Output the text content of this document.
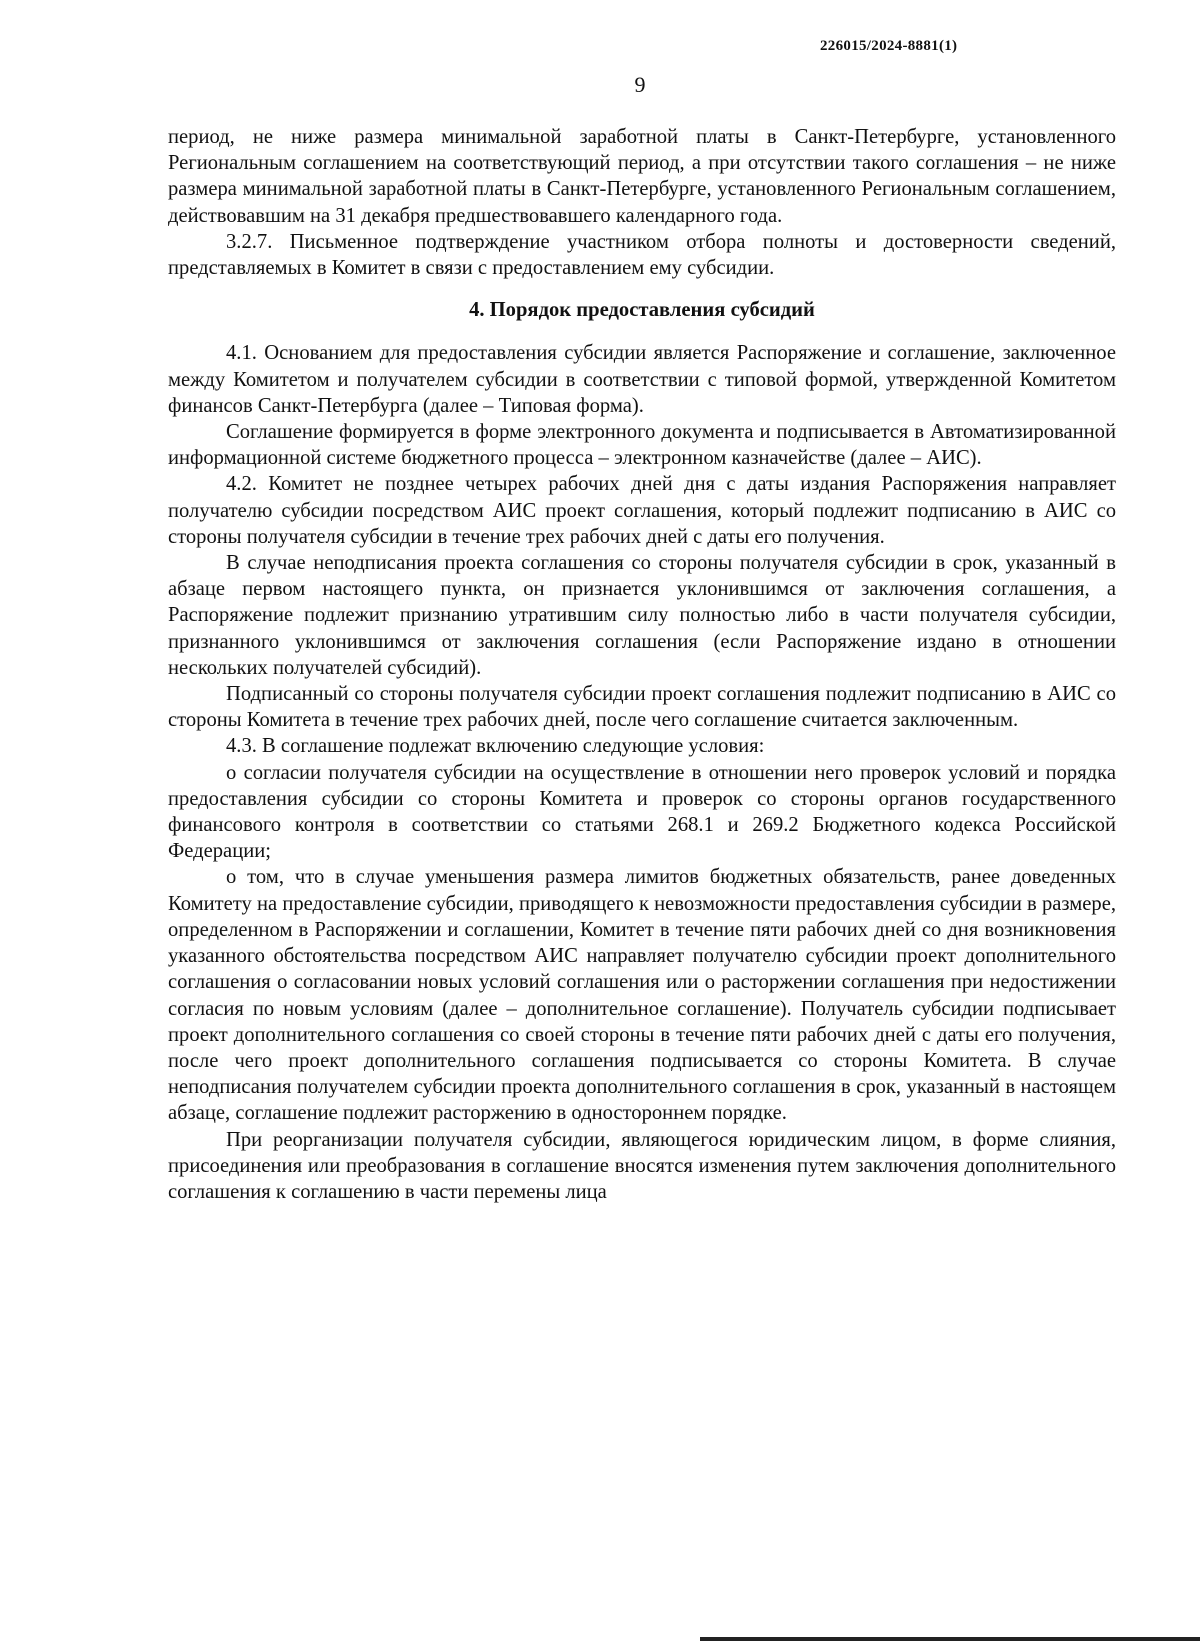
226015/2024-8881(1)
9

период, не ниже размера минимальной заработной платы в Санкт-Петербурге, установленного Региональным соглашением на соответствующий период, а при отсутствии такого соглашения – не ниже размера минимальной заработной платы в Санкт-Петербурге, установленного Региональным соглашением, действовавшим на 31 декабря предшествовавшего календарного года.

3.2.7. Письменное подтверждение участником отбора полноты и достоверности сведений, представляемых в Комитет в связи с предоставлением ему субсидии.

4. Порядок предоставления субсидий

4.1. Основанием для предоставления субсидии является Распоряжение и соглашение, заключенное между Комитетом и получателем субсидии в соответствии с типовой формой, утвержденной Комитетом финансов Санкт-Петербурга (далее – Типовая форма).

Соглашение формируется в форме электронного документа и подписывается в Автоматизированной информационной системе бюджетного процесса – электронном казначействе (далее – АИС).

4.2. Комитет не позднее четырех рабочих дней дня с даты издания Распоряжения направляет получателю субсидии посредством АИС проект соглашения, который подлежит подписанию в АИС со стороны получателя субсидии в течение трех рабочих дней с даты его получения.

В случае неподписания проекта соглашения со стороны получателя субсидии в срок, указанный в абзаце первом настоящего пункта, он признается уклонившимся от заключения соглашения, а Распоряжение подлежит признанию утратившим силу полностью либо в части получателя субсидии, признанного уклонившимся от заключения соглашения (если Распоряжение издано в отношении нескольких получателей субсидий).

Подписанный со стороны получателя субсидии проект соглашения подлежит подписанию в АИС со стороны Комитета в течение трех рабочих дней, после чего соглашение считается заключенным.

4.3. В соглашение подлежат включению следующие условия:

о согласии получателя субсидии на осуществление в отношении него проверок условий и порядка предоставления субсидии со стороны Комитета и проверок со стороны органов государственного финансового контроля в соответствии со статьями 268.1 и 269.2 Бюджетного кодекса Российской Федерации;

о том, что в случае уменьшения размера лимитов бюджетных обязательств, ранее доведенных Комитету на предоставление субсидии, приводящего к невозможности предоставления субсидии в размере, определенном в Распоряжении и соглашении, Комитет в течение пяти рабочих дней со дня возникновения указанного обстоятельства посредством АИС направляет получателю субсидии проект дополнительного соглашения о согласовании новых условий соглашения или о расторжении соглашения при недостижении согласия по новым условиям (далее – дополнительное соглашение). Получатель субсидии подписывает проект дополнительного соглашения со своей стороны в течение пяти рабочих дней с даты его получения, после чего проект дополнительного соглашения подписывается со стороны Комитета. В случае неподписания получателем субсидии проекта дополнительного соглашения в срок, указанный в настоящем абзаце, соглашение подлежит расторжению в одностороннем порядке.

При реорганизации получателя субсидии, являющегося юридическим лицом, в форме слияния, присоединения или преобразования в соглашение вносятся изменения путем заключения дополнительного соглашения к соглашению в части перемены лица
